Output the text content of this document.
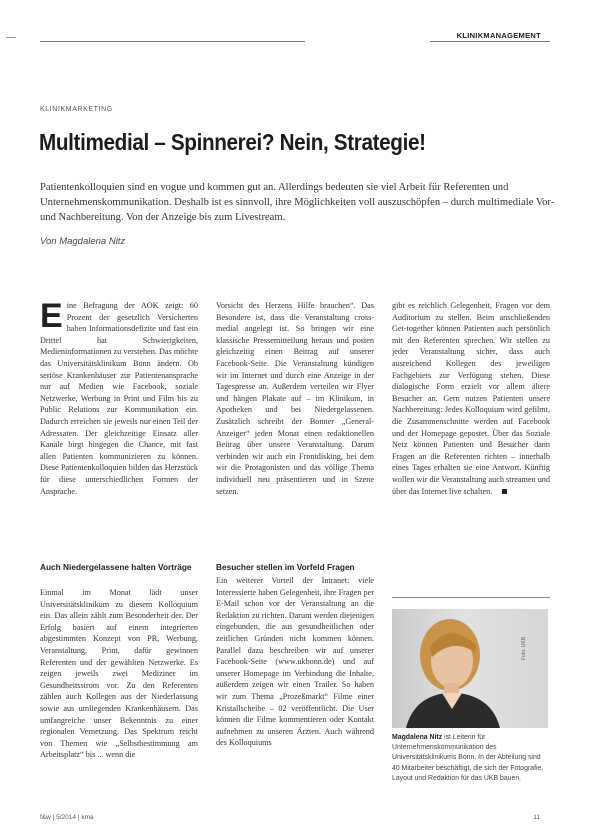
KLINIKMANAGEMENT
KLINIKMARKETING
Multimedial – Spinnerei? Nein, Strategie!
Patientenkolloquien sind en vogue und kommen gut an. Allerdings bedeuten sie viel Arbeit für Referenten und Unternehmenskommunikation. Deshalb ist es sinnvoll, ihre Möglichkeiten voll auszuschöpfen – durch multimediale Vor- und Nachbereitung. Von der Anzeige bis zum Livestream.
Von Magdalena Nitz

Eine Befragung der AOK zeigt: 60 Prozent der gesetzlich Versicherten haben Informationsdefizite und fast ein Drittel hat Schwierigkeiten, Medieninformationen zu verstehen. Das möchte das Universitätsklinikum Bonn ändern. Ob seriöse Krankenhäuser zur Patientenansprache nur auf Medien wie Facebook, soziale Netzwerke, Werbung in Print und Film bis zu Public Relations zur Kommunikation ein. Dadurch erreichen sie jeweils nur einen Teil der Adressaten. Der gleichzeitige Einsatz aller Kanäle birgt hingegen die Chance, mit fast allen Patienten kommunizieren zu können. Diese Patientenkolloquien bilden das Herzstück für diese unterschiedlichen Formen der Ansprache.

Auch Niedergelassene halten Vorträge

Einmal im Monat lädt unser Universitätsklinikum zu diesem Kolloquium ein. Das allein zählt zum Besonderheit der. Der Erfolg basiert auf einem integrierten abgestimmten Konzept von PR, Werbung, Veranstaltung, Print, dafür gewinnen Referenten und der gewählten Netzwerke. Es zeigen jeweils zwei Mediziner im Gesundheitsstrom vor. Zu den Referenten zählen auch Kollegen aus der Niederlassung sowie aus umliegenden Krankenhäusern. Das umfangreiche unser Bekenntnis zu einer regionalen Vernetzung. Das Spektrum reicht von Themen wie „Selbstbestimmung am Arbeitsplatz“ bis ... wenn die

Vorsicht des Herzens Hilfe brauchen“. Das Besondere ist, dass die Veranstaltung cross-medial angelegt ist. So bringen wir eine klassische Pressemitteilung heraus und posten gleichzeitig einen Beitrag auf unserer Facebook-Seite. Die Veranstaltung kündigen wir im Internet und durch eine Anzeige in der Tagespresse an. Außerdem verteilen wir Flyer und hängen Plakate auf – im Klinikum, in Apotheken und bei Niedergelassenen. Zusätzlich schreibt der Bonner „General-Anzeiger“ jeden Monat einen redaktionellen Beitrag über unsere Veranstaltung. Darum verbinden wir auch ein Frontdisking, bei dem wir die Protagonisten und das völlige Thema individuell neu präsentieren und in Szene setzen.

Besucher stellen im Vorfeld Fragen

Ein weiterer Vorteil der Intranet: viele Interessierte haben Gelegenheit, ihre Fragen per E-Mail schon vor der Veranstaltung an die Redaktion zu richten. Darum werden diejenigen eingebunden, die aus gesundheitlichen oder zeitlichen Gründen nicht kommen können. Parallel dazu beschreiben wir auf unserer Facebook-Seite (www.ukbonn.de) und auf unserer Homepage im Verbindung die Inhalte, außerdem zeigen wir einen Trailer. So haben wir zum Thema „Prozeßmarkt“ Filme einer Kristallscheibe – 02 veröffentlicht. Die User können die Filme kommentieren oder Kontakt aufnehmen zu unseren Ärzten. Auch während des Kolloquiums

gibt es reichlich Gelegenheit, Fragen vor dem Auditorium zu stellen. Beim anschließenden Get-together können Patienten auch persönlich mit den Referenten sprechen. Wir stellen zu jeder Veranstaltung sicher, dass auch ausreichend Kollegen des jeweiligen Fachgebiets zur Verfügung stehen. Diese dialogische Form erzielt vor allem ältere Besucher an. Gern nutzen Patienten unsere Nachbereitung: Jedes Kolloquium wird gefilmt, die Zusammenschnitte werden auf Facebook und der Homepage gepostet. Über das Soziale Netz können Patienten und Besucher dann Fragen an die Referenten richten – innerhalb eines Tages erhalten sie eine Antwort. Künftig wollen wir die Veranstaltung auch streamen und über das Internet live schalten.

Foto: UKB
Magdalena Nitz ist Leiterin für Unternehmenskommunikation des Universitätsklinikums Bonn. In der Abteilung sind 40 Mitarbeiter beschäftigt, die sich der Fotografie, Layout und Redaktion für das UKB bauen.
f&w | 5/2014 | kma	11
